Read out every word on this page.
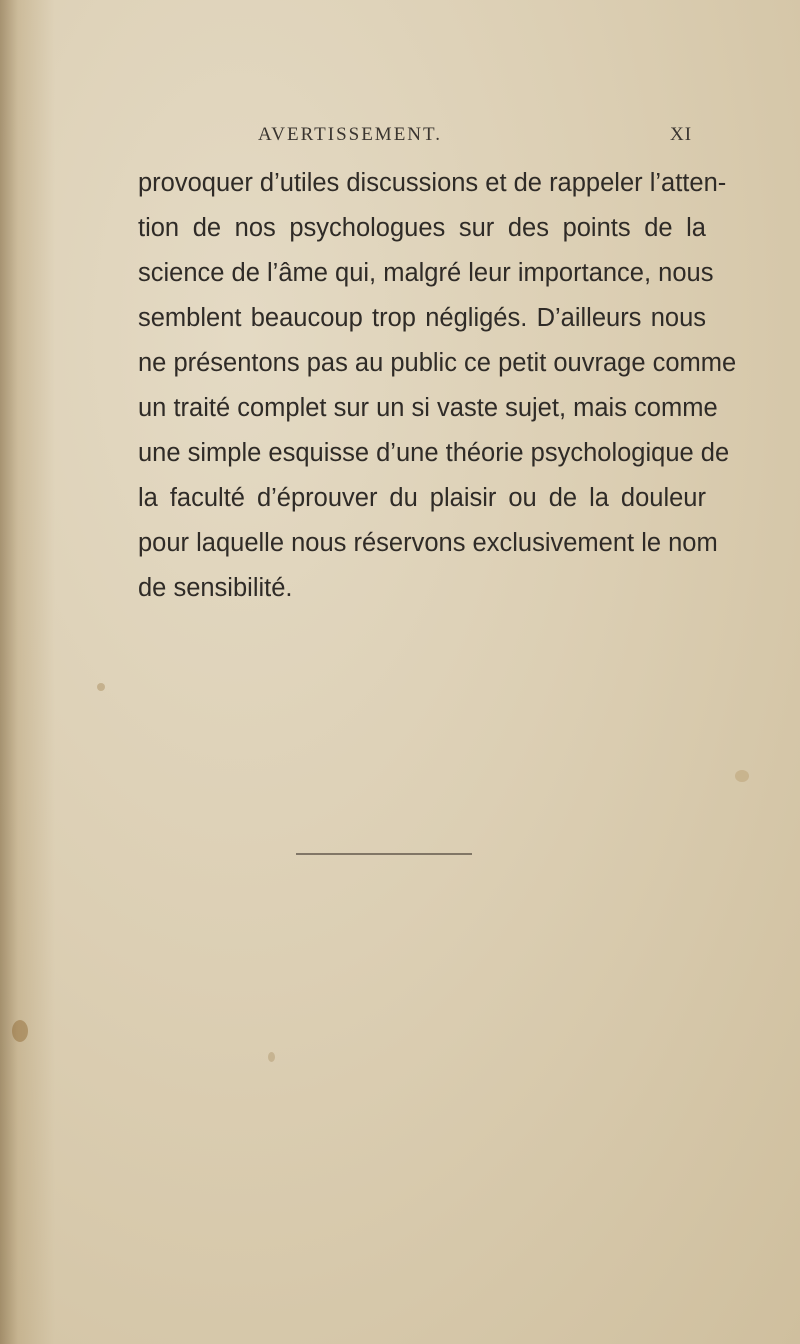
AVERTISSEMENT.	XI
provoquer d’utiles discussions et de rappeler l’atten-
tion de nos psychologues sur des points de la
science de l’âme qui, malgré leur importance, nous
semblent beaucoup trop négligés. D’ailleurs nous
ne présentons pas au public ce petit ouvrage comme
un traité complet sur un si vaste sujet, mais comme
une simple esquisse d’une théorie psychologique de
la faculté d’éprouver du plaisir ou de la douleur
pour laquelle nous réservons exclusivement le nom
de sensibilité.
